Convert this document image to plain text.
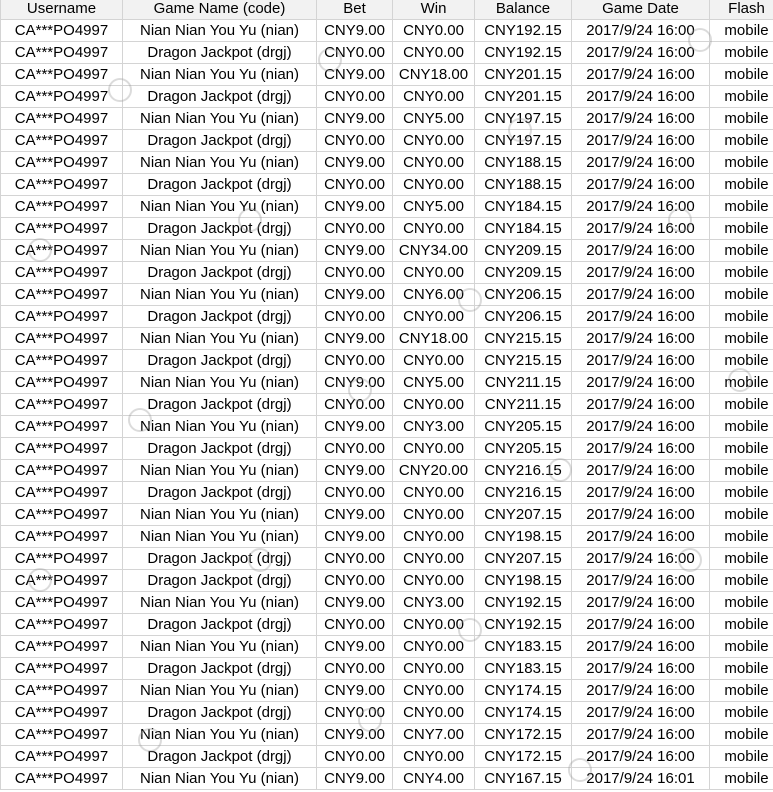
Username	Game Name (code)	Bet	Win	Balance	Game Date	Flash
CA***PO4997	Nian Nian You Yu (nian)	CNY9.00	CNY0.00	CNY192.15	2017/9/24 16:00	mobile
CA***PO4997	Dragon Jackpot (drgj)	CNY0.00	CNY0.00	CNY192.15	2017/9/24 16:00	mobile
CA***PO4997	Nian Nian You Yu (nian)	CNY9.00	CNY18.00	CNY201.15	2017/9/24 16:00	mobile
CA***PO4997	Dragon Jackpot (drgj)	CNY0.00	CNY0.00	CNY201.15	2017/9/24 16:00	mobile
CA***PO4997	Nian Nian You Yu (nian)	CNY9.00	CNY5.00	CNY197.15	2017/9/24 16:00	mobile
CA***PO4997	Dragon Jackpot (drgj)	CNY0.00	CNY0.00	CNY197.15	2017/9/24 16:00	mobile
CA***PO4997	Nian Nian You Yu (nian)	CNY9.00	CNY0.00	CNY188.15	2017/9/24 16:00	mobile
CA***PO4997	Dragon Jackpot (drgj)	CNY0.00	CNY0.00	CNY188.15	2017/9/24 16:00	mobile
CA***PO4997	Nian Nian You Yu (nian)	CNY9.00	CNY5.00	CNY184.15	2017/9/24 16:00	mobile
CA***PO4997	Dragon Jackpot (drgj)	CNY0.00	CNY0.00	CNY184.15	2017/9/24 16:00	mobile
CA***PO4997	Nian Nian You Yu (nian)	CNY9.00	CNY34.00	CNY209.15	2017/9/24 16:00	mobile
CA***PO4997	Dragon Jackpot (drgj)	CNY0.00	CNY0.00	CNY209.15	2017/9/24 16:00	mobile
CA***PO4997	Nian Nian You Yu (nian)	CNY9.00	CNY6.00	CNY206.15	2017/9/24 16:00	mobile
CA***PO4997	Dragon Jackpot (drgj)	CNY0.00	CNY0.00	CNY206.15	2017/9/24 16:00	mobile
CA***PO4997	Nian Nian You Yu (nian)	CNY9.00	CNY18.00	CNY215.15	2017/9/24 16:00	mobile
CA***PO4997	Dragon Jackpot (drgj)	CNY0.00	CNY0.00	CNY215.15	2017/9/24 16:00	mobile
CA***PO4997	Nian Nian You Yu (nian)	CNY9.00	CNY5.00	CNY211.15	2017/9/24 16:00	mobile
CA***PO4997	Dragon Jackpot (drgj)	CNY0.00	CNY0.00	CNY211.15	2017/9/24 16:00	mobile
CA***PO4997	Nian Nian You Yu (nian)	CNY9.00	CNY3.00	CNY205.15	2017/9/24 16:00	mobile
CA***PO4997	Dragon Jackpot (drgj)	CNY0.00	CNY0.00	CNY205.15	2017/9/24 16:00	mobile
CA***PO4997	Nian Nian You Yu (nian)	CNY9.00	CNY20.00	CNY216.15	2017/9/24 16:00	mobile
CA***PO4997	Dragon Jackpot (drgj)	CNY0.00	CNY0.00	CNY216.15	2017/9/24 16:00	mobile
CA***PO4997	Nian Nian You Yu (nian)	CNY9.00	CNY0.00	CNY207.15	2017/9/24 16:00	mobile
CA***PO4997	Nian Nian You Yu (nian)	CNY9.00	CNY0.00	CNY198.15	2017/9/24 16:00	mobile
CA***PO4997	Dragon Jackpot (drgj)	CNY0.00	CNY0.00	CNY207.15	2017/9/24 16:00	mobile
CA***PO4997	Dragon Jackpot (drgj)	CNY0.00	CNY0.00	CNY198.15	2017/9/24 16:00	mobile
CA***PO4997	Nian Nian You Yu (nian)	CNY9.00	CNY3.00	CNY192.15	2017/9/24 16:00	mobile
CA***PO4997	Dragon Jackpot (drgj)	CNY0.00	CNY0.00	CNY192.15	2017/9/24 16:00	mobile
CA***PO4997	Nian Nian You Yu (nian)	CNY9.00	CNY0.00	CNY183.15	2017/9/24 16:00	mobile
CA***PO4997	Dragon Jackpot (drgj)	CNY0.00	CNY0.00	CNY183.15	2017/9/24 16:00	mobile
CA***PO4997	Nian Nian You Yu (nian)	CNY9.00	CNY0.00	CNY174.15	2017/9/24 16:00	mobile
CA***PO4997	Dragon Jackpot (drgj)	CNY0.00	CNY0.00	CNY174.15	2017/9/24 16:00	mobile
CA***PO4997	Nian Nian You Yu (nian)	CNY9.00	CNY7.00	CNY172.15	2017/9/24 16:00	mobile
CA***PO4997	Dragon Jackpot (drgj)	CNY0.00	CNY0.00	CNY172.15	2017/9/24 16:00	mobile
CA***PO4997	Nian Nian You Yu (nian)	CNY9.00	CNY4.00	CNY167.15	2017/9/24 16:01	mobile
